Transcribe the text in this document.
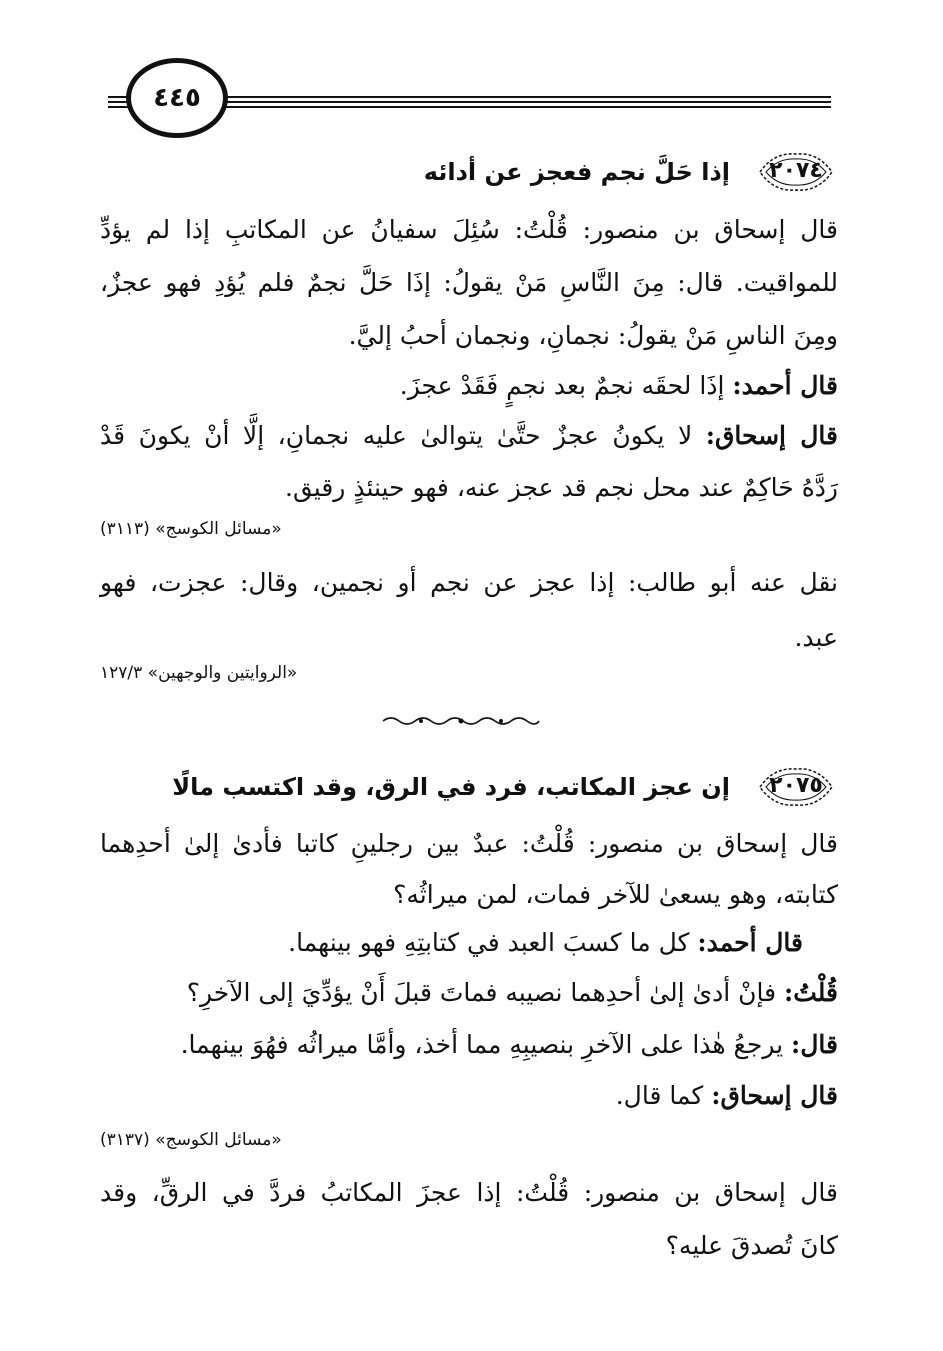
٤٤٥
٢٠٧٤
إذا حَلَّ نجم فعجز عن أدائه
قال إسحاق بن منصور: قُلْتُ: سُئِلَ سفيانُ عن المكاتبِ إذا لم يؤدِّ
للمواقيت. قال: مِنَ النَّاسِ مَنْ يقولُ: إذَا حَلَّ نجمٌ فلم يُؤدِ فهو عجزٌ،
ومِنَ الناسِ مَنْ يقولُ: نجمانِ، ونجمان أحبُ إليَّ.
قال أحمد: إذَا لحقَه نجمٌ بعد نجمٍ فَقَدْ عجزَ.
قال إسحاق: لا يكونُ عجزٌ حتَّىٰ يتوالىٰ عليه نجمانِ، إلَّا أنْ يكونَ قَدْ
رَدَّهُ حَاكِمٌ عند محل نجم قد عجز عنه، فهو حينئذٍ رقيق.
«مسائل الكوسج» (٣١١٣)
نقل عنه أبو طالب: إذا عجز عن نجم أو نجمين، وقال: عجزت، فهو
عبد.
«الروايتين والوجهين» ١٢٧/٣
٢٠٧٥
إن عجز المكاتب، فرد في الرق، وقد اكتسب مالًا
قال إسحاق بن منصور: قُلْتُ: عبدٌ بين رجلينِ كاتبا فأدىٰ إلىٰ أحدِهما
كتابته، وهو يسعىٰ للآخر فمات، لمن ميراثُه؟
قال أحمد: كل ما كسبَ العبد في كتابتِهِ فهو بينهما.
قُلْتُ: فإنْ أدىٰ إلىٰ أحدِهما نصيبه فماتَ قبلَ أَنْ يؤدِّيَ إلى الآخرِ؟
قال: يرجعُ هٰذا على الآخرِ بنصيبِهِ مما أخذ، وأمَّا ميراثُه فهُوَ بينهما.
قال إسحاق: كما قال.
«مسائل الكوسج» (٣١٣٧)
قال إسحاق بن منصور: قُلْتُ: إذا عجزَ المكاتبُ فردَّ في الرقِّ، وقد
كانَ تُصدقَ عليه؟
